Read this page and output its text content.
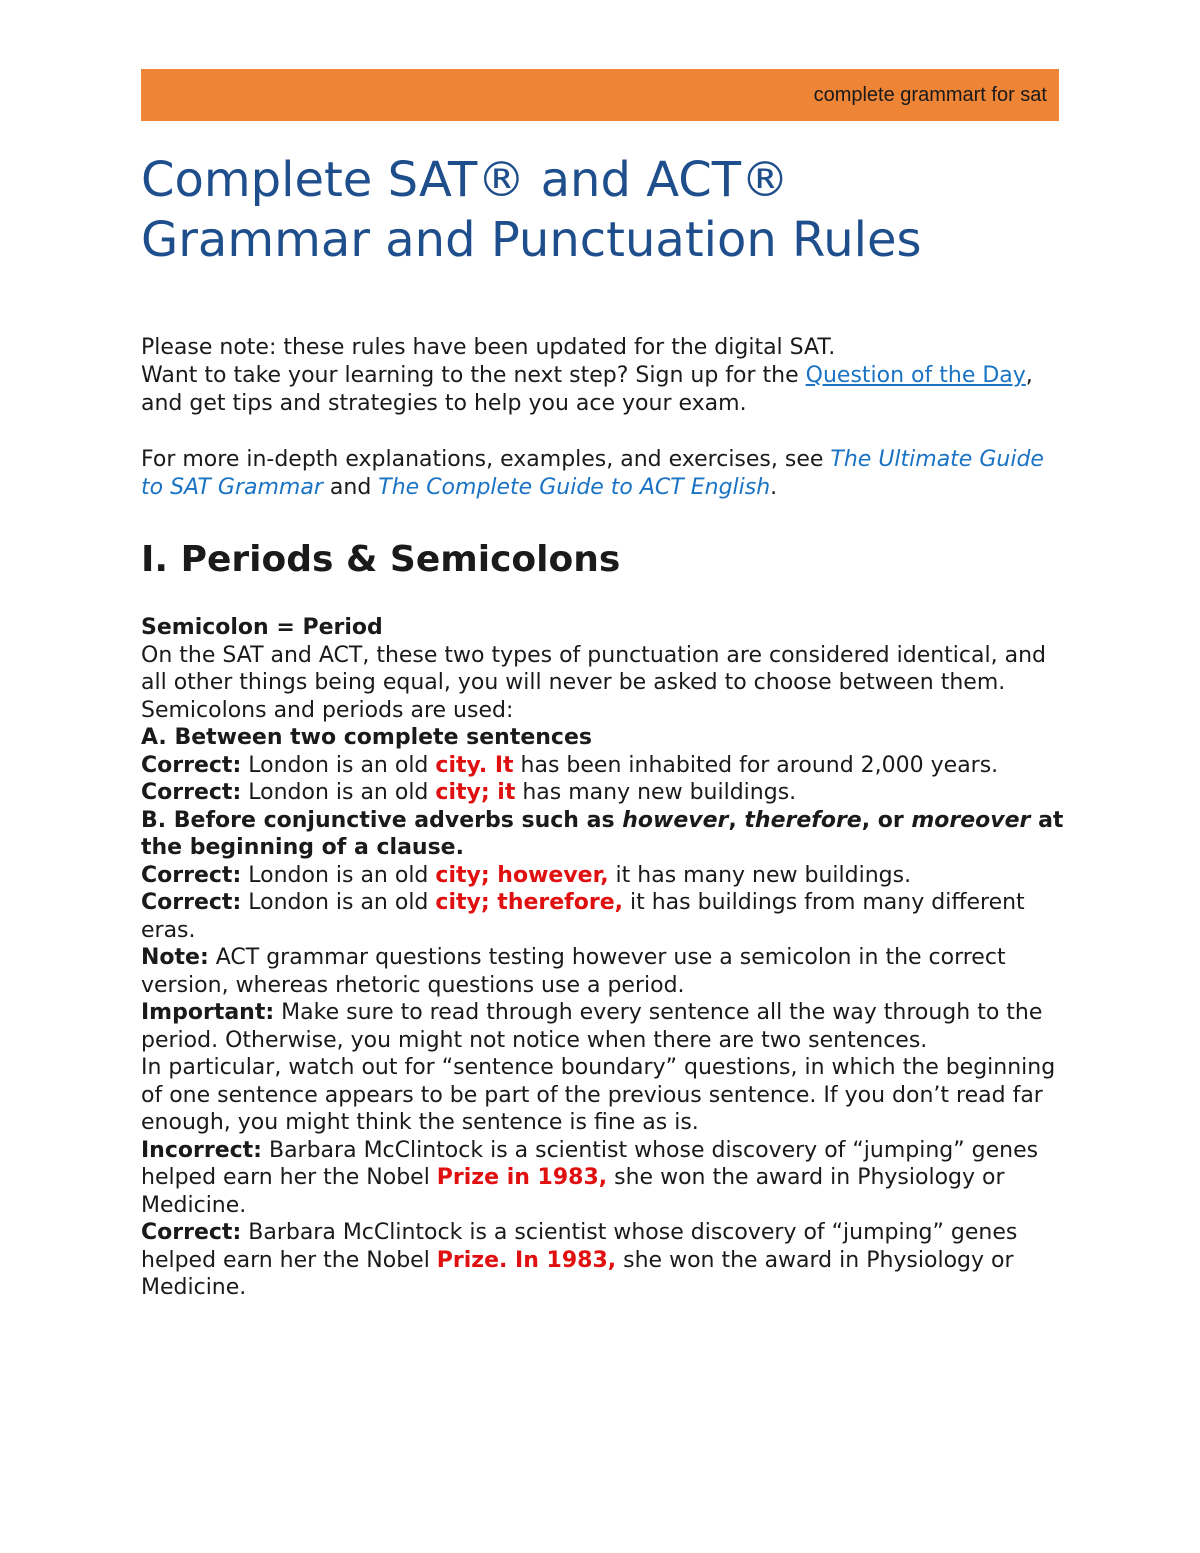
complete grammart for sat
Complete SAT® and ACT®
Grammar and Punctuation Rules

Please note: these rules have been updated for the digital SAT.

Want to take your learning to the next step? Sign up for the Question of the Day, and get tips and strategies to help you ace your exam.

For more in-depth explanations, examples, and exercises, see The Ultimate Guide to SAT Grammar and The Complete Guide to ACT English.

I. Periods & Semicolons

Semicolon = Period

On the SAT and ACT, these two types of punctuation are considered identical, and all other things being equal, you will never be asked to choose between them.

Semicolons and periods are used:

A. Between two complete sentences

Correct: London is an old city. It has been inhabited for around 2,000 years.

Correct: London is an old city; it has many new buildings.

B. Before conjunctive adverbs such as however, therefore, or moreover at the beginning of a clause.

Correct: London is an old city; however, it has many new buildings.

Correct: London is an old city; therefore, it has buildings from many different eras.

Note: ACT grammar questions testing however use a semicolon in the correct version, whereas rhetoric questions use a period.

Important: Make sure to read through every sentence all the way through to the period. Otherwise, you might not notice when there are two sentences.

In particular, watch out for “sentence boundary” questions, in which the beginning of one sentence appears to be part of the previous sentence. If you don’t read far enough, you might think the sentence is fine as is.

Incorrect: Barbara McClintock is a scientist whose discovery of “jumping” genes helped earn her the Nobel Prize in 1983, she won the award in Physiology or Medicine.

Correct: Barbara McClintock is a scientist whose discovery of “jumping” genes helped earn her the Nobel Prize. In 1983, she won the award in Physiology or Medicine.
